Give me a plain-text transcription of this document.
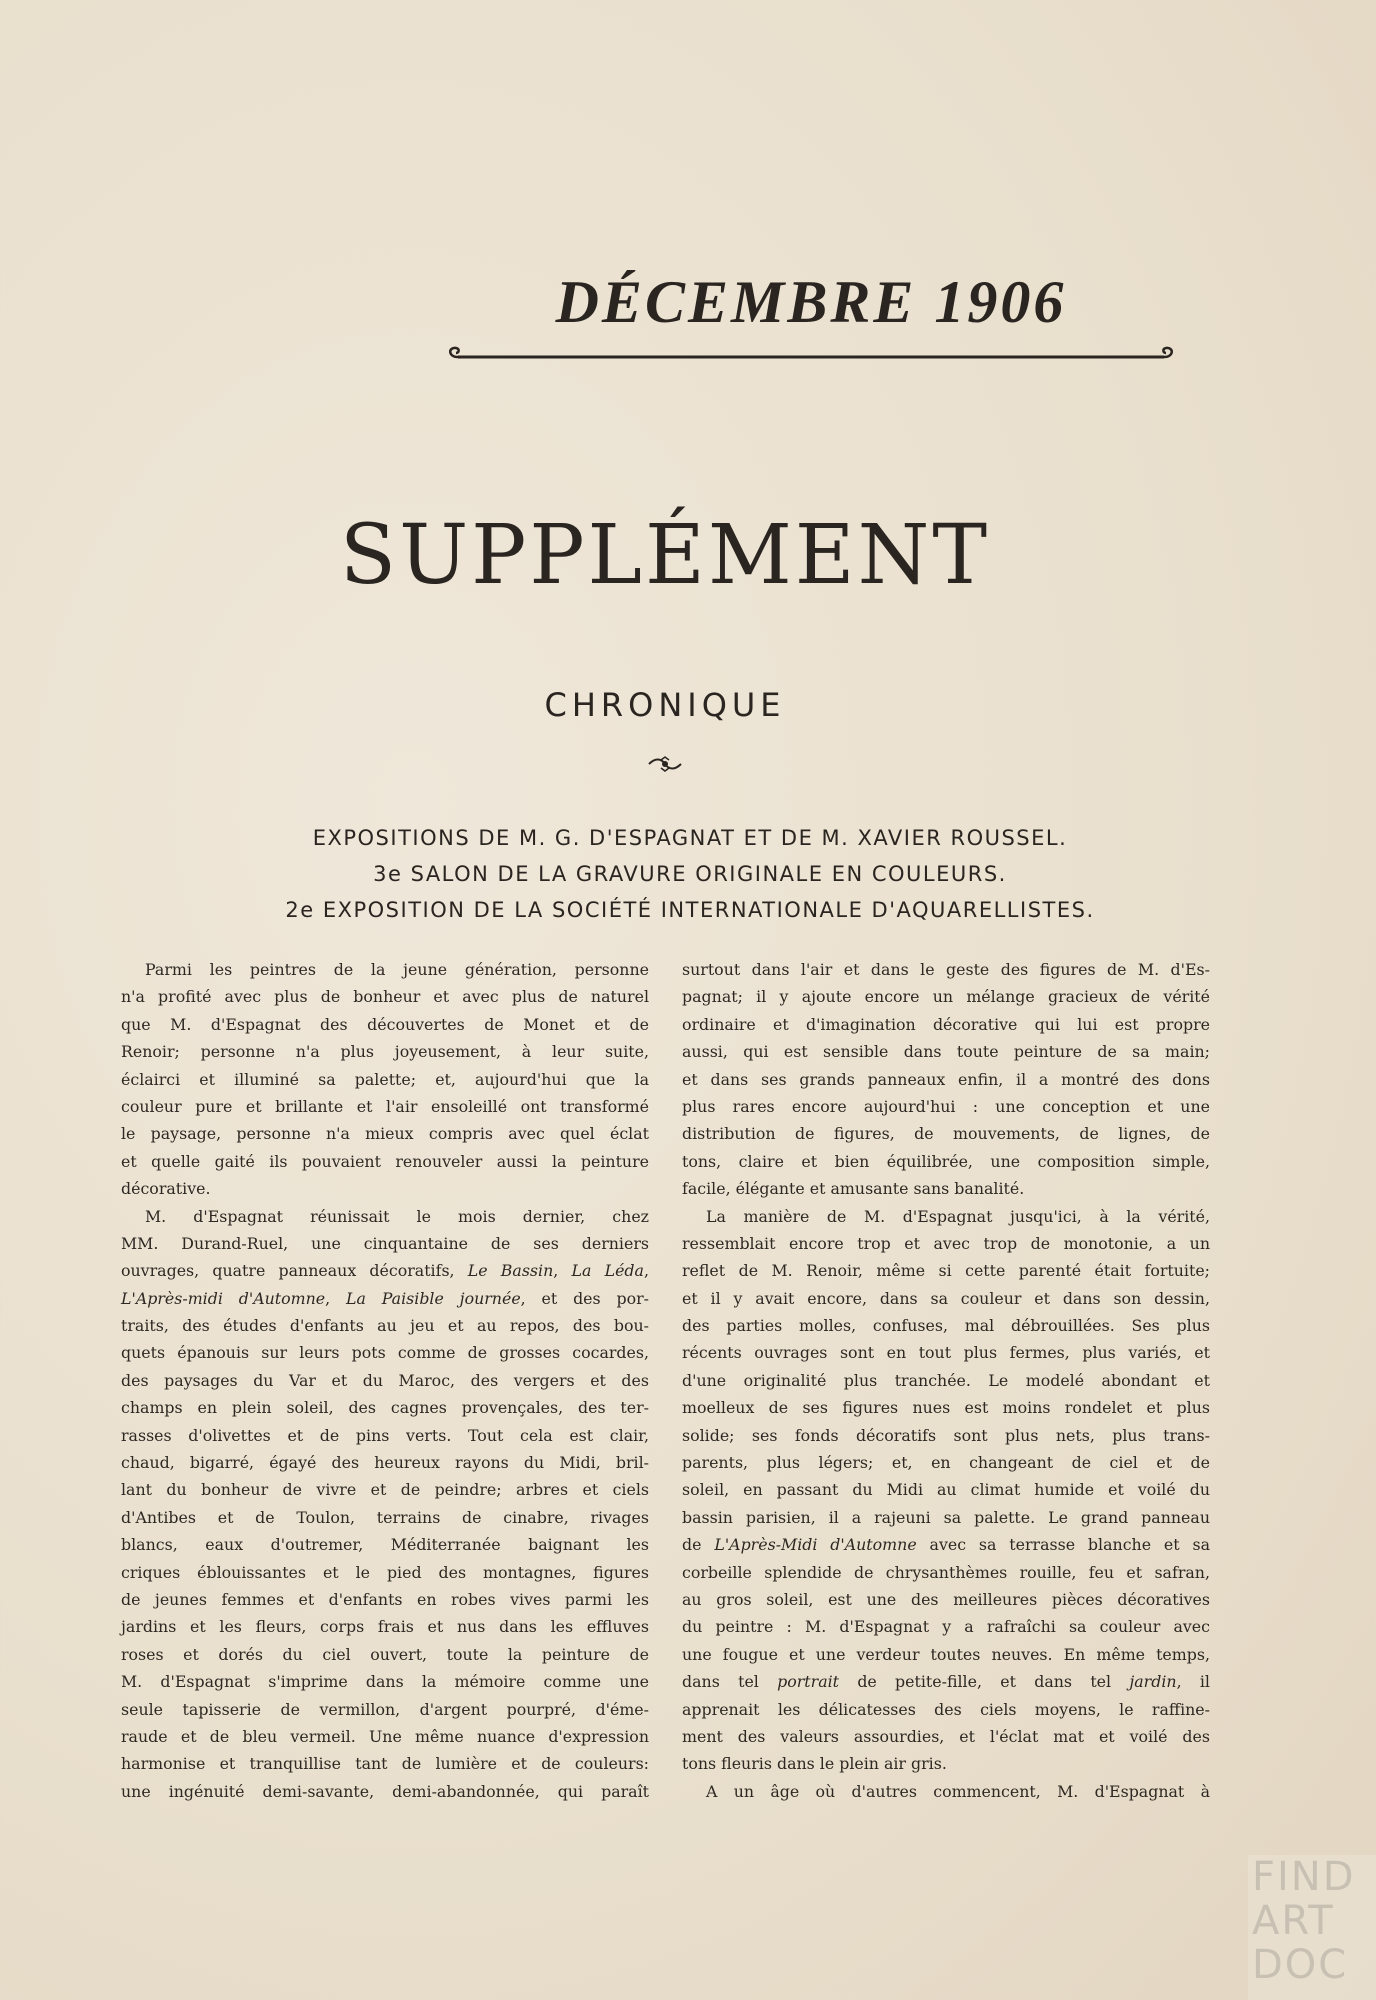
DÉCEMBRE 1906
SUPPLÉMENT
CHRONIQUE
EXPOSITIONS DE M. G. D'ESPAGNAT ET DE M. XAVIER ROUSSEL.
3e SALON DE LA GRAVURE ORIGINALE EN COULEURS.
2e EXPOSITION DE LA SOCIÉTÉ INTERNATIONALE D'AQUARELLISTES.
Parmi les peintres de la jeune génération, personne
n'a profité avec plus de bonheur et avec plus de naturel
que M. d'Espagnat des découvertes de Monet et de
Renoir; personne n'a plus joyeusement, à leur suite,
éclairci et illuminé sa palette; et, aujourd'hui que la
couleur pure et brillante et l'air ensoleillé ont transformé
le paysage, personne n'a mieux compris avec quel éclat
et quelle gaité ils pouvaient renouveler aussi la peinture
décorative.
M. d'Espagnat réunissait le mois dernier, chez
MM. Durand-Ruel, une cinquantaine de ses derniers
ouvrages, quatre panneaux décoratifs, Le Bassin, La Léda,
L'Après-midi d'Automne, La Paisible journée, et des por-
traits, des études d'enfants au jeu et au repos, des bou-
quets épanouis sur leurs pots comme de grosses cocardes,
des paysages du Var et du Maroc, des vergers et des
champs en plein soleil, des cagnes provençales, des ter-
rasses d'olivettes et de pins verts. Tout cela est clair,
chaud, bigarré, égayé des heureux rayons du Midi, bril-
lant du bonheur de vivre et de peindre; arbres et ciels
d'Antibes et de Toulon, terrains de cinabre, rivages
blancs, eaux d'outremer, Méditerranée baignant les
criques éblouissantes et le pied des montagnes, figures
de jeunes femmes et d'enfants en robes vives parmi les
jardins et les fleurs, corps frais et nus dans les effluves
roses et dorés du ciel ouvert, toute la peinture de
M. d'Espagnat s'imprime dans la mémoire comme une
seule tapisserie de vermillon, d'argent pourpré, d'éme-
raude et de bleu vermeil. Une même nuance d'expression
harmonise et tranquillise tant de lumière et de couleurs:
une ingénuité demi-savante, demi-abandonnée, qui paraît
surtout dans l'air et dans le geste des figures de M. d'Es-
pagnat; il y ajoute encore un mélange gracieux de vérité
ordinaire et d'imagination décorative qui lui est propre
aussi, qui est sensible dans toute peinture de sa main;
et dans ses grands panneaux enfin, il a montré des dons
plus rares encore aujourd'hui : une conception et une
distribution de figures, de mouvements, de lignes, de
tons, claire et bien équilibrée, une composition simple,
facile, élégante et amusante sans banalité.
La manière de M. d'Espagnat jusqu'ici, à la vérité,
ressemblait encore trop et avec trop de monotonie, a un
reflet de M. Renoir, même si cette parenté était fortuite;
et il y avait encore, dans sa couleur et dans son dessin,
des parties molles, confuses, mal débrouillées. Ses plus
récents ouvrages sont en tout plus fermes, plus variés, et
d'une originalité plus tranchée. Le modelé abondant et
moelleux de ses figures nues est moins rondelet et plus
solide; ses fonds décoratifs sont plus nets, plus trans-
parents, plus légers; et, en changeant de ciel et de
soleil, en passant du Midi au climat humide et voilé du
bassin parisien, il a rajeuni sa palette. Le grand panneau
de L'Après-Midi d'Automne avec sa terrasse blanche et sa
corbeille splendide de chrysanthèmes rouille, feu et safran,
au gros soleil, est une des meilleures pièces décoratives
du peintre : M. d'Espagnat y a rafraîchi sa couleur avec
une fougue et une verdeur toutes neuves. En même temps,
dans tel portrait de petite-fille, et dans tel jardin, il
apprenait les délicatesses des ciels moyens, le raffine-
ment des valeurs assourdies, et l'éclat mat et voilé des
tons fleuris dans le plein air gris.
A un âge où d'autres commencent, M. d'Espagnat à
FIND
ART
DOC
